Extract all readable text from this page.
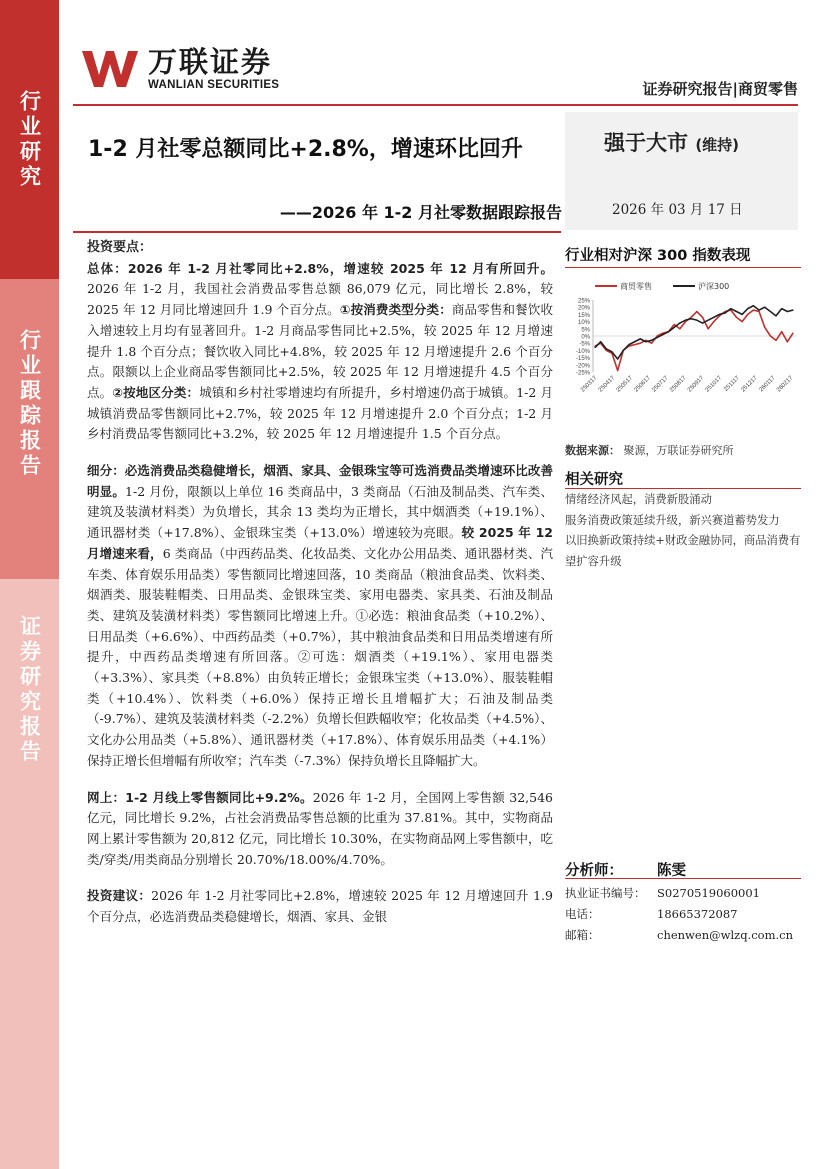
行业研究
行业跟踪报告
证券研究报告
万联证券
WANLIAN SECURITIES	证券研究报告|商贸零售
1-2 月社零总额同比+2.8%，增速环比回升
——2026 年 1-2 月社零数据跟踪报告
强于大市 (维持)
2026 年 03 月 17 日

投资要点：

总体：2026 年 1-2 月社零同比+2.8%，增速较 2025 年 12 月有所回升。2026 年 1-2 月，我国社会消费品零售总额 86,079 亿元，同比增长 2.8%，较 2025 年 12 月同比增速回升 1.9 个百分点。①按消费类型分类：商品零售和餐饮收入增速较上月均有显著回升。1-2 月商品零售同比+2.5%，较 2025 年 12 月增速提升 1.8 个百分点；餐饮收入同比+4.8%，较 2025 年 12 月增速提升 2.6 个百分点。限额以上企业商品零售额同比+2.5%，较 2025 年 12 月增速提升 4.5 个百分点。②按地区分类：城镇和乡村社零增速均有所提升，乡村增速仍高于城镇。1-2 月城镇消费品零售额同比+2.7%，较 2025 年 12 月增速提升 2.0 个百分点；1-2 月乡村消费品零售额同比+3.2%，较 2025 年 12 月增速提升 1.5 个百分点。

细分：必选消费品类稳健增长，烟酒、家具、金银珠宝等可选消费品类增速环比改善明显。1-2 月份，限额以上单位 16 类商品中，3 类商品（石油及制品类、汽车类、建筑及装潢材料类）为负增长，其余 13 类均为正增长，其中烟酒类（+19.1%）、通讯器材类（+17.8%）、金银珠宝类（+13.0%）增速较为亮眼。较 2025 年 12 月增速来看，6 类商品（中西药品类、化妆品类、文化办公用品类、通讯器材类、汽车类、体育娱乐用品类）零售额同比增速回落，10 类商品（粮油食品类、饮料类、烟酒类、服装鞋帽类、日用品类、金银珠宝类、家用电器类、家具类、石油及制品类、建筑及装潢材料类）零售额同比增速上升。①必选：粮油食品类（+10.2%）、日用品类（+6.6%）、中西药品类（+0.7%），其中粮油食品类和日用品类增速有所提升，中西药品类增速有所回落。②可选：烟酒类（+19.1%）、家用电器类（+3.3%）、家具类（+8.8%）由负转正增长；金银珠宝类（+13.0%）、服装鞋帽类（+10.4%）、饮料类（+6.0%）保持正增长且增幅扩大；石油及制品类（-9.7%）、建筑及装潢材料类（-2.2%）负增长但跌幅收窄；化妆品类（+4.5%）、文化办公用品类（+5.8%）、通讯器材类（+17.8%）、体育娱乐用品类（+4.1%）保持正增长但增幅有所收窄；汽车类（-7.3%）保持负增长且降幅扩大。

网上：1-2 月线上零售额同比+9.2%。2026 年 1-2 月，全国网上零售额 32,546 亿元，同比增长 9.2%，占社会消费品零售总额的比重为 37.81%。其中，实物商品网上累计零售额为 20,812 亿元，同比增长 10.30%，在实物商品网上零售额中，吃类/穿类/用类商品分别增长 20.70%/18.00%/4.70%。

投资建议：2026 年 1-2 月社零同比+2.8%，增速较 2025 年 12 月增速回升 1.9 个百分点，必选消费品类稳健增长，烟酒、家具、金银

行业相对沪深 300 指数表现
25%
20%
15%
10%
5%
0%
-5%
-10%
-15%
-20%
-25%
250317 250417 250517 250617 250717 250817 250917 251017 251117 251217 260117 260217
商贸零售	沪深300
数据来源： 聚源，万联证券研究所
相关研究
情绪经济风起，消费新股涌动
服务消费政策延续升级，新兴赛道蓄势发力
以旧换新政策持续+财政金融协同，商品消费有望扩容升级
分析师：	陈雯
执业证书编号：	S0270519060001
电话：	18665372087
邮箱：	chenwen@wlzq.com.cn
